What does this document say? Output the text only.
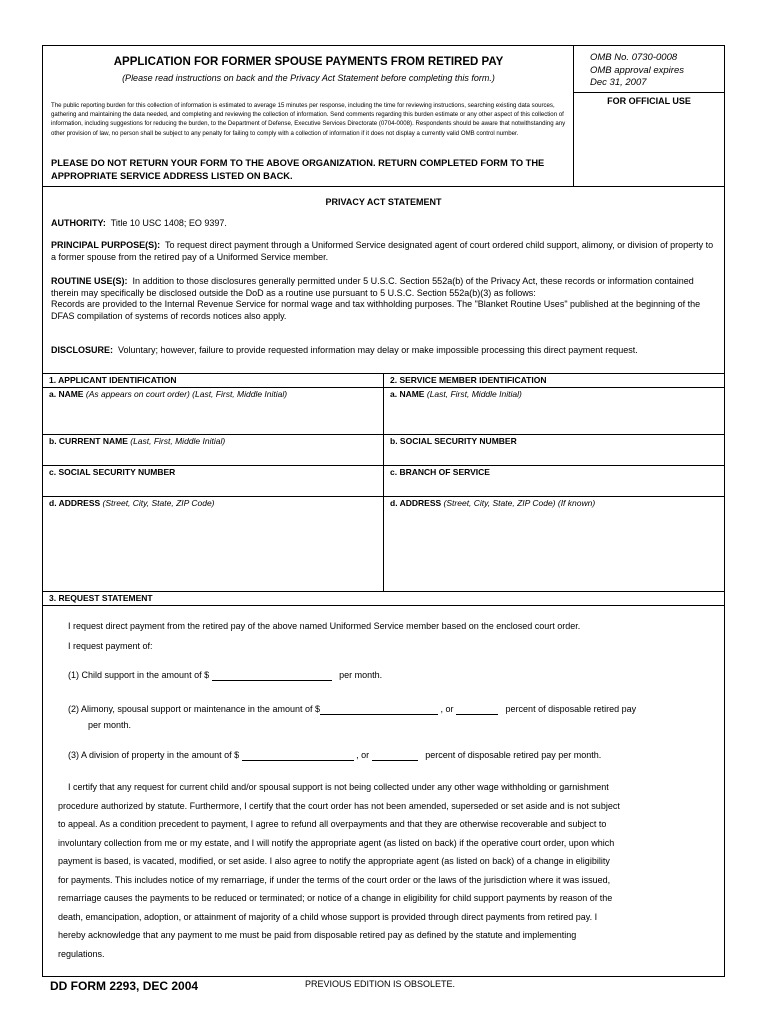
APPLICATION FOR FORMER SPOUSE PAYMENTS FROM RETIRED PAY
(Please read instructions on back and the Privacy Act Statement before completing this form.)
The public reporting burden for this collection of information is estimated to average 15 minutes per response, including the time for reviewing instructions, searching existing data sources, gathering and maintaining the data needed, and completing and reviewing the collection of information. Send comments regarding this burden estimate or any other aspect of this collection of information, including suggestions for reducing the burden, to the Department of Defense, Executive Services Directorate (0704-0008). Respondents should be aware that notwithstanding any other provision of law, no person shall be subject to any penalty for failing to comply with a collection of information if it does not display a currently valid OMB control number.
PLEASE DO NOT RETURN YOUR FORM TO THE ABOVE ORGANIZATION. RETURN COMPLETED FORM TO THE APPROPRIATE SERVICE ADDRESS LISTED ON BACK.
OMB No. 0730-0008
OMB approval expires
Dec 31, 2007
FOR OFFICIAL USE
PRIVACY ACT STATEMENT
AUTHORITY: Title 10 USC 1408; EO 9397.
PRINCIPAL PURPOSE(S): To request direct payment through a Uniformed Service designated agent of court ordered child support, alimony, or division of property to a former spouse from the retired pay of a Uniformed Service member.
ROUTINE USE(S): In addition to those disclosures generally permitted under 5 U.S.C. Section 552a(b) of the Privacy Act, these records or information contained therein may specifically be disclosed outside the DoD as a routine use pursuant to 5 U.S.C. Section 552a(b)(3) as follows:
Records are provided to the Internal Revenue Service for normal wage and tax withholding purposes. The "Blanket Routine Uses" published at the beginning of the DFAS compilation of systems of records notices also apply.
DISCLOSURE: Voluntary; however, failure to provide requested information may delay or make impossible processing this direct payment request.
1. APPLICANT IDENTIFICATION	2. SERVICE MEMBER IDENTIFICATION
a. NAME (As appears on court order) (Last, First, Middle Initial)	a. NAME (Last, First, Middle Initial)
b. CURRENT NAME (Last, First, Middle Initial)	b. SOCIAL SECURITY NUMBER
c. SOCIAL SECURITY NUMBER	c. BRANCH OF SERVICE
d. ADDRESS (Street, City, State, ZIP Code)	d. ADDRESS (Street, City, State, ZIP Code) (If known)
3. REQUEST STATEMENT
I request direct payment from the retired pay of the above named Uniformed Service member based on the enclosed court order.
I request payment of:
(1) Child support in the amount of $	per month.
(2) Alimony, spousal support or maintenance in the amount of $	, or	percent of disposable retired pay
per month.
(3) A division of property in the amount of $	, or	percent of disposable retired pay per month.
I certify that any request for current child and/or spousal support is not being collected under any other wage withholding or garnishment
procedure authorized by statute. Furthermore, I certify that the court order has not been amended, superseded or set aside and is not subject
to appeal. As a condition precedent to payment, I agree to refund all overpayments and that they are otherwise recoverable and subject to
involuntary collection from me or my estate, and I will notify the appropriate agent (as listed on back) if the operative court order, upon which
payment is based, is vacated, modified, or set aside. I also agree to notify the appropriate agent (as listed on back) of a change in eligibility
for payments. This includes notice of my remarriage, if under the terms of the court order or the laws of the jurisdiction where it was issued,
remarriage causes the payments to be reduced or terminated; or notice of a change in eligibility for child support payments by reason of the
death, emancipation, adoption, or attainment of majority of a child whose support is provided through direct payments from retired pay. I
hereby acknowledge that any payment to me must be paid from disposable retired pay as defined by the statute and implementing
regulations.
DD FORM 2293, DEC 2004	PREVIOUS EDITION IS OBSOLETE.
